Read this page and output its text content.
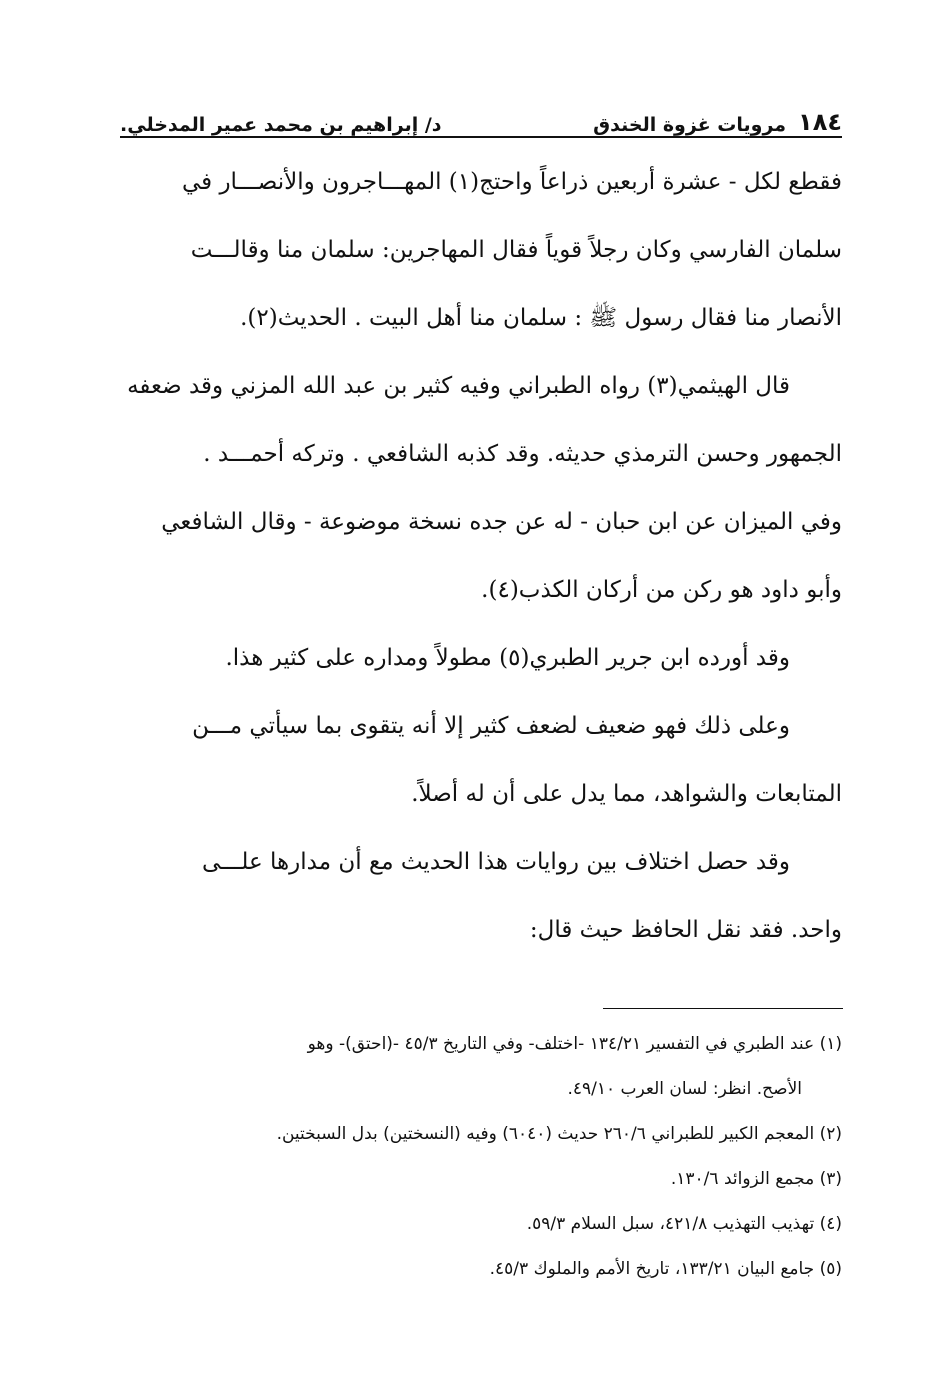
١٨٤
مرويات غزوة الخندق
د/ إبراهيم بن محمد عمير المدخلي.
فقطع لكل - عشرة أربعين ذراعاً واحتج(١) المهـــاجرون والأنصـــار في
سلمان الفارسي وكان رجلاً قوياً فقال المهاجرين: سلمان منا وقالـــت
الأنصار منا فقال رسول ﷺ : سلمان منا أهل البيت . الحديث(٢).
قال الهيثمي(٣) رواه الطبراني وفيه كثير بن عبد الله المزني وقد ضعفه
الجمهور وحسن الترمذي حديثه. وقد كذبه الشافعي . وتركه أحمـــد .
وفي الميزان عن ابن حبان - له عن جده نسخة موضوعة - وقال الشافعي
وأبو داود هو ركن من أركان الكذب(٤).
وقد أورده ابن جرير الطبري(٥) مطولاً ومداره على كثير هذا.
وعلى ذلك فهو ضعيف لضعف كثير إلا أنه يتقوى بما سيأتي مـــن
المتابعات والشواهد، مما يدل على أن له أصلاً.
وقد حصل اختلاف بين روايات هذا الحديث مع أن مدارها علـــى
واحد. فقد نقل الحافظ حيث قال:
(١) عند الطبري في التفسير ١٣٤/٢١ -اختلف- وفي التاريخ ٤٥/٣ -(احتق)- وهو
الأصح. انظر: لسان العرب ٤٩/١٠.
(٢) المعجم الكبير للطبراني ٢٦٠/٦ حديث (٦٠٤٠) وفيه (النسختين) بدل السبختين.
(٣) مجمع الزوائد ١٣٠/٦.
(٤) تهذيب التهذيب ٤٢١/٨، سبل السلام ٥٩/٣.
(٥) جامع البيان ١٣٣/٢١، تاريخ الأمم والملوك ٤٥/٣.
